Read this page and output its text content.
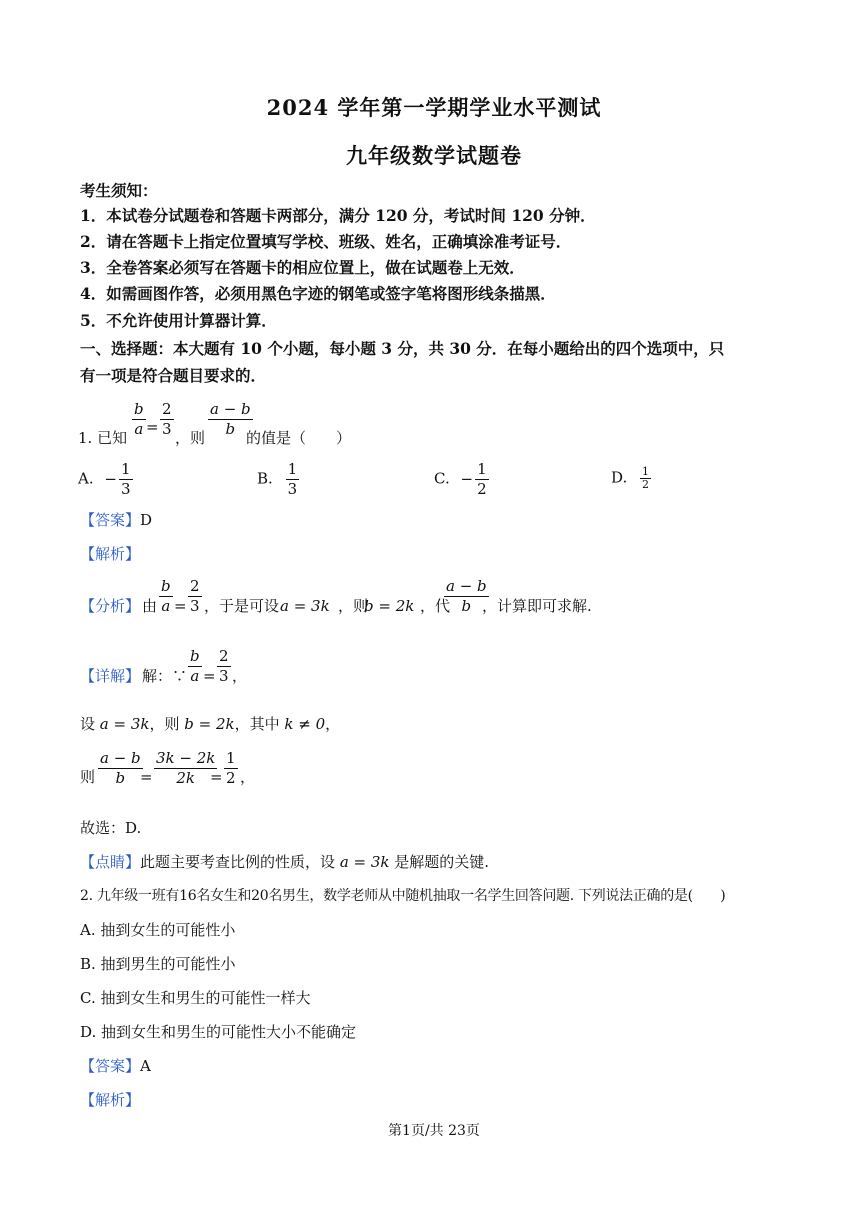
2024 学年第一学期学业水平测试
九年级数学试题卷
考生须知：
1．本试卷分试题卷和答题卡两部分，满分 120 分，考试时间 120 分钟．
2．请在答题卡上指定位置填写学校、班级、姓名，正确填涂准考证号．
3．全卷答案必须写在答题卡的相应位置上，做在试题卷上无效．
4．如需画图作答，必须用黑色字迹的钢笔或签字笔将图形线条描黑．
5．不允许使用计算器计算．
一、选择题：本大题有 10 个小题，每小题 3 分，共 30 分．在每小题给出的四个选项中，只
有一项是符合题目要求的．
1. 已知 $\frac{b}{a} = \frac{2}{3}$ ，则 $\frac{a - b}{b}$
的值是（　　）
A. − $\frac{1}{3}$	B. $\frac{1}{3}$	C. − $\frac{1}{2}$	D. $\frac{1}{2}$
【答案】D
【解析】
【分析】 由 $\frac{b}{a} = \frac{2}{3}$ ，于是可设 a = 3k ，则
b = 2k ，代
$\frac{a - b}{b}$
，计算即可求解.
【详解】 解：∵ $\frac{b}{a} = \frac{2}{3}$ ，
设 a = 3k，则 b = 2k，其中 k ≠ 0，
则 $\frac{a - b}{b}$
= $\frac{3k - 2k}{2k}$
= $\frac{1}{2}$ ，
故选：D.
【点睛】此题主要考查比例的性质，设 a = 3k 是解题的关键.
2. 九年级一班有16名女生和20名男生，数学老师从中随机抽取一名学生回答问题. 下列说法正确的是(　　)
A. 抽到女生的可能性小
B. 抽到男生的可能性小
C. 抽到女生和男生的可能性一样大
D. 抽到女生和男生的可能性大小不能确定
【答案】A
【解析】
第1页/共 23页
